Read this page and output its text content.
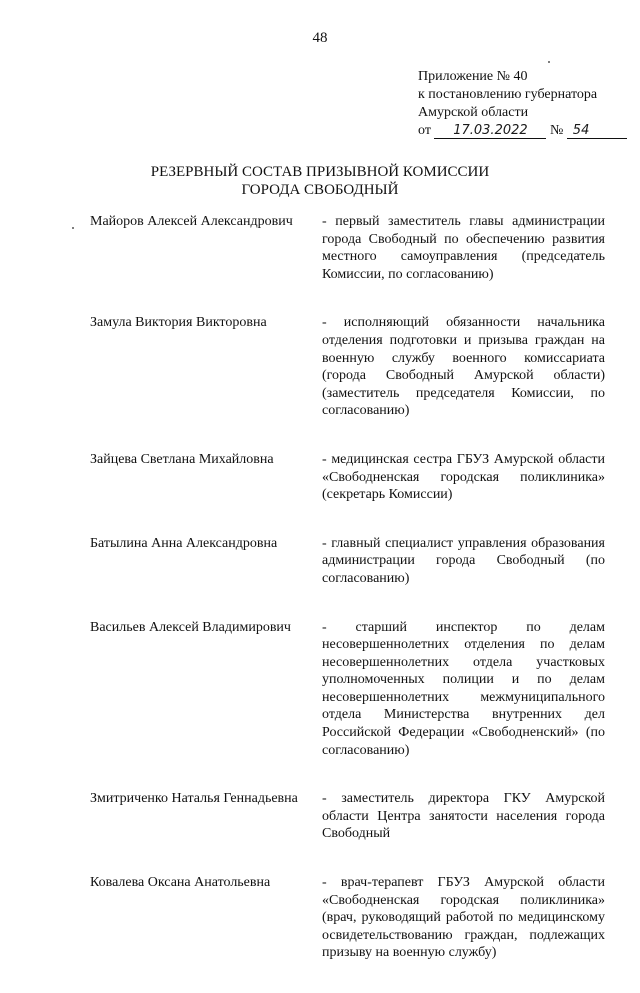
48
Приложение № 40
к постановлению губернатора
Амурской области
от 17.03.2022 № 54
РЕЗЕРВНЫЙ СОСТАВ ПРИЗЫВНОЙ КОМИССИИ
ГОРОДА СВОБОДНЫЙ
Майоров Алексей Александрович	- первый заместитель главы администрации города Свободный по обеспечению развития местного самоуправления (председатель Комиссии, по согласованию)
Замула Виктория Викторовна	- исполняющий обязанности начальника отделения подготовки и призыва граждан на военную службу военного комиссариата (города Свободный Амурской области) (заместитель председателя Комиссии, по согласованию)
Зайцева Светлана Михайловна	- медицинская сестра ГБУЗ Амурской области «Свободненская городская поликлиника» (секретарь Комиссии)
Батылина Анна Александровна	- главный специалист управления образования администрации города Свободный (по согласованию)
Васильев Алексей Владимирович	- старший инспектор по делам несовершеннолетних отделения по делам несовершеннолетних отдела участковых уполномоченных полиции и по делам несовершеннолетних межмуниципального отдела Министерства внутренних дел Российской Федерации «Свободненский» (по согласованию)
Змитриченко Наталья Геннадьевна	- заместитель директора ГКУ Амурской области Центра занятости населения города Свободный
Ковалева Оксана Анатольевна	- врач-терапевт ГБУЗ Амурской области «Свободненская городская поликлиника» (врач, руководящий работой по медицинскому освидетельствованию граждан, подлежащих призыву на военную службу)
